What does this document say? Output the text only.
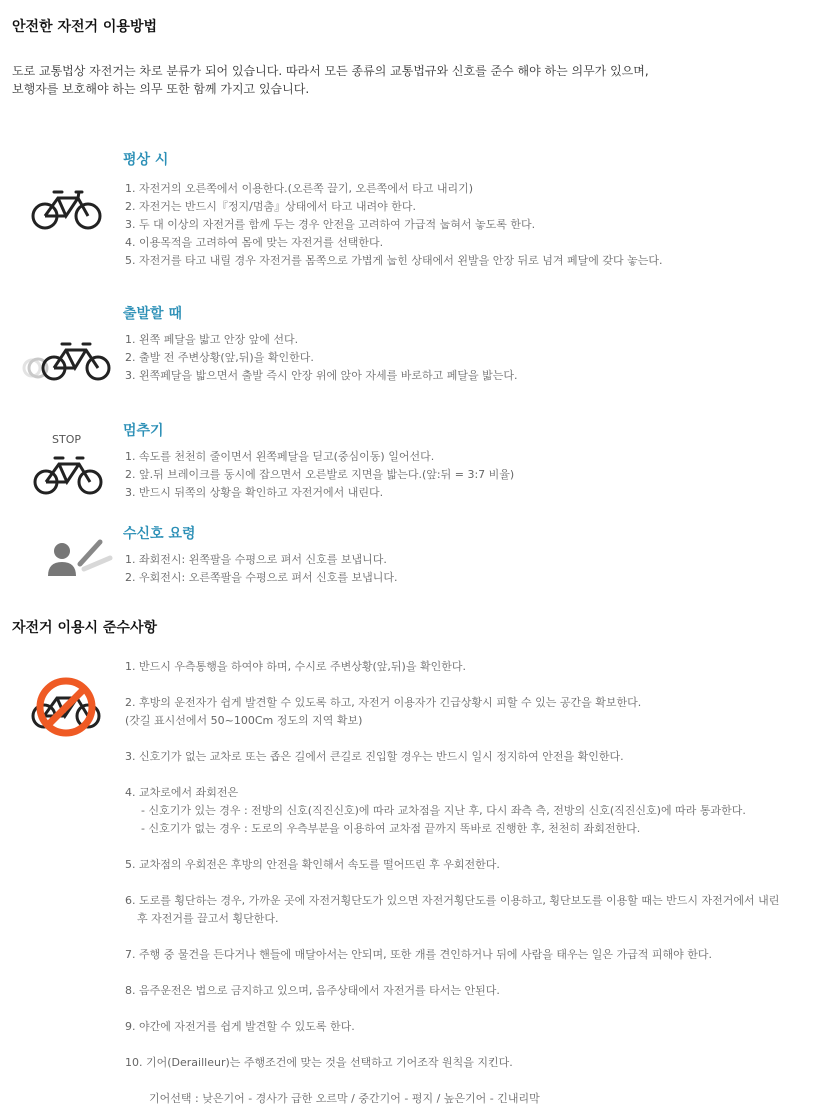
안전한 자전거 이용방법
도로 교통법상 자전거는 차로 분류가 되어 있습니다. 따라서 모든 종류의 교통법규와 신호를 준수 해야 하는 의무가 있으며,
보행자를 보호해야 하는 의무 또한 함께 가지고 있습니다.
평상 시
1. 자전거의 오른쪽에서 이용한다.(오른쪽 끌기, 오른쪽에서 타고 내리기)
2. 자전거는 반드시『정지/멈춤』상태에서 타고 내려야 한다.
3. 두 대 이상의 자전거를 함께 두는 경우 안전을 고려하여 가급적 눕혀서 놓도록 한다.
4. 이용목적을 고려하여 몸에 맞는 자전거를 선택한다.
5. 자전거를 타고 내릴 경우 자전거를 몸쪽으로 가볍게 눕힌 상태에서 왼발을 안장 뒤로 넘겨 페달에 갖다 놓는다.
출발할 때
1. 왼쪽 페달을 밟고 안장 앞에 선다.
2. 출발 전 주변상황(앞,뒤)을 확인한다.
3. 왼쪽페달을 밟으면서 출발 즉시 안장 위에 앉아 자세를 바로하고 페달을 밟는다.
멈추기
STOP
1. 속도를 천천히 줄이면서 왼쪽페달을 딛고(중심이동) 일어선다.
2. 앞.뒤 브레이크를 동시에 잡으면서 오른발로 지면을 밟는다.(앞:뒤 = 3:7 비율)
3. 반드시 뒤쪽의 상황을 확인하고 자전거에서 내린다.
수신호 요령
1. 좌회전시: 왼쪽팔을 수평으로 펴서 신호를 보냅니다.
2. 우회전시: 오른쪽팔을 수평으로 펴서 신호를 보냅니다.
자전거 이용시 준수사항
1. 반드시 우측통행을 하여야 하며, 수시로 주변상황(앞,뒤)을 확인한다.
2. 후방의 운전자가 쉽게 발견할 수 있도록 하고, 자전거 이용자가 긴급상황시 피할 수 있는 공간을 확보한다.
(갓길 표시선에서 50~100Cm 정도의 지역 확보)
3. 신호기가 없는 교차로 또는 좁은 길에서 큰길로 진입할 경우는 반드시 일시 정지하여 안전을 확인한다.
4. 교차로에서 좌회전은
- 신호기가 있는 경우 : 전방의 신호(직진신호)에 따라 교차점을 지난 후, 다시 좌측 측, 전방의 신호(직진신호)에 따라 통과한다.
- 신호기가 없는 경우 : 도로의 우측부분을 이용하여 교차점 끝까지 똑바로 진행한 후, 천천히 좌회전한다.
5. 교차점의 우회전은 후방의 안전을 확인해서 속도를 떨어뜨린 후 우회전한다.
6. 도로를 횡단하는 경우, 가까운 곳에 자전거횡단도가 있으면 자전거횡단도를 이용하고, 횡단보도를 이용할 때는 반드시 자전거에서 내린
후 자전거를 끌고서 횡단한다.
7. 주행 중 물건을 든다거나 핸들에 매달아서는 안되며, 또한 개를 견인하거나 뒤에 사람을 태우는 일은 가급적 피해야 한다.
8. 음주운전은 법으로 금지하고 있으며, 음주상태에서 자전거를 타서는 안된다.
9. 야간에 자전거를 쉽게 발견할 수 있도록 한다.
10. 기어(Derailleur)는 주행조건에 맞는 것을 선택하고 기어조작 원칙을 지킨다.
기어선택 : 낮은기어 - 경사가 급한 오르막 / 중간기어 - 평지 / 높은기어 - 긴내리막
